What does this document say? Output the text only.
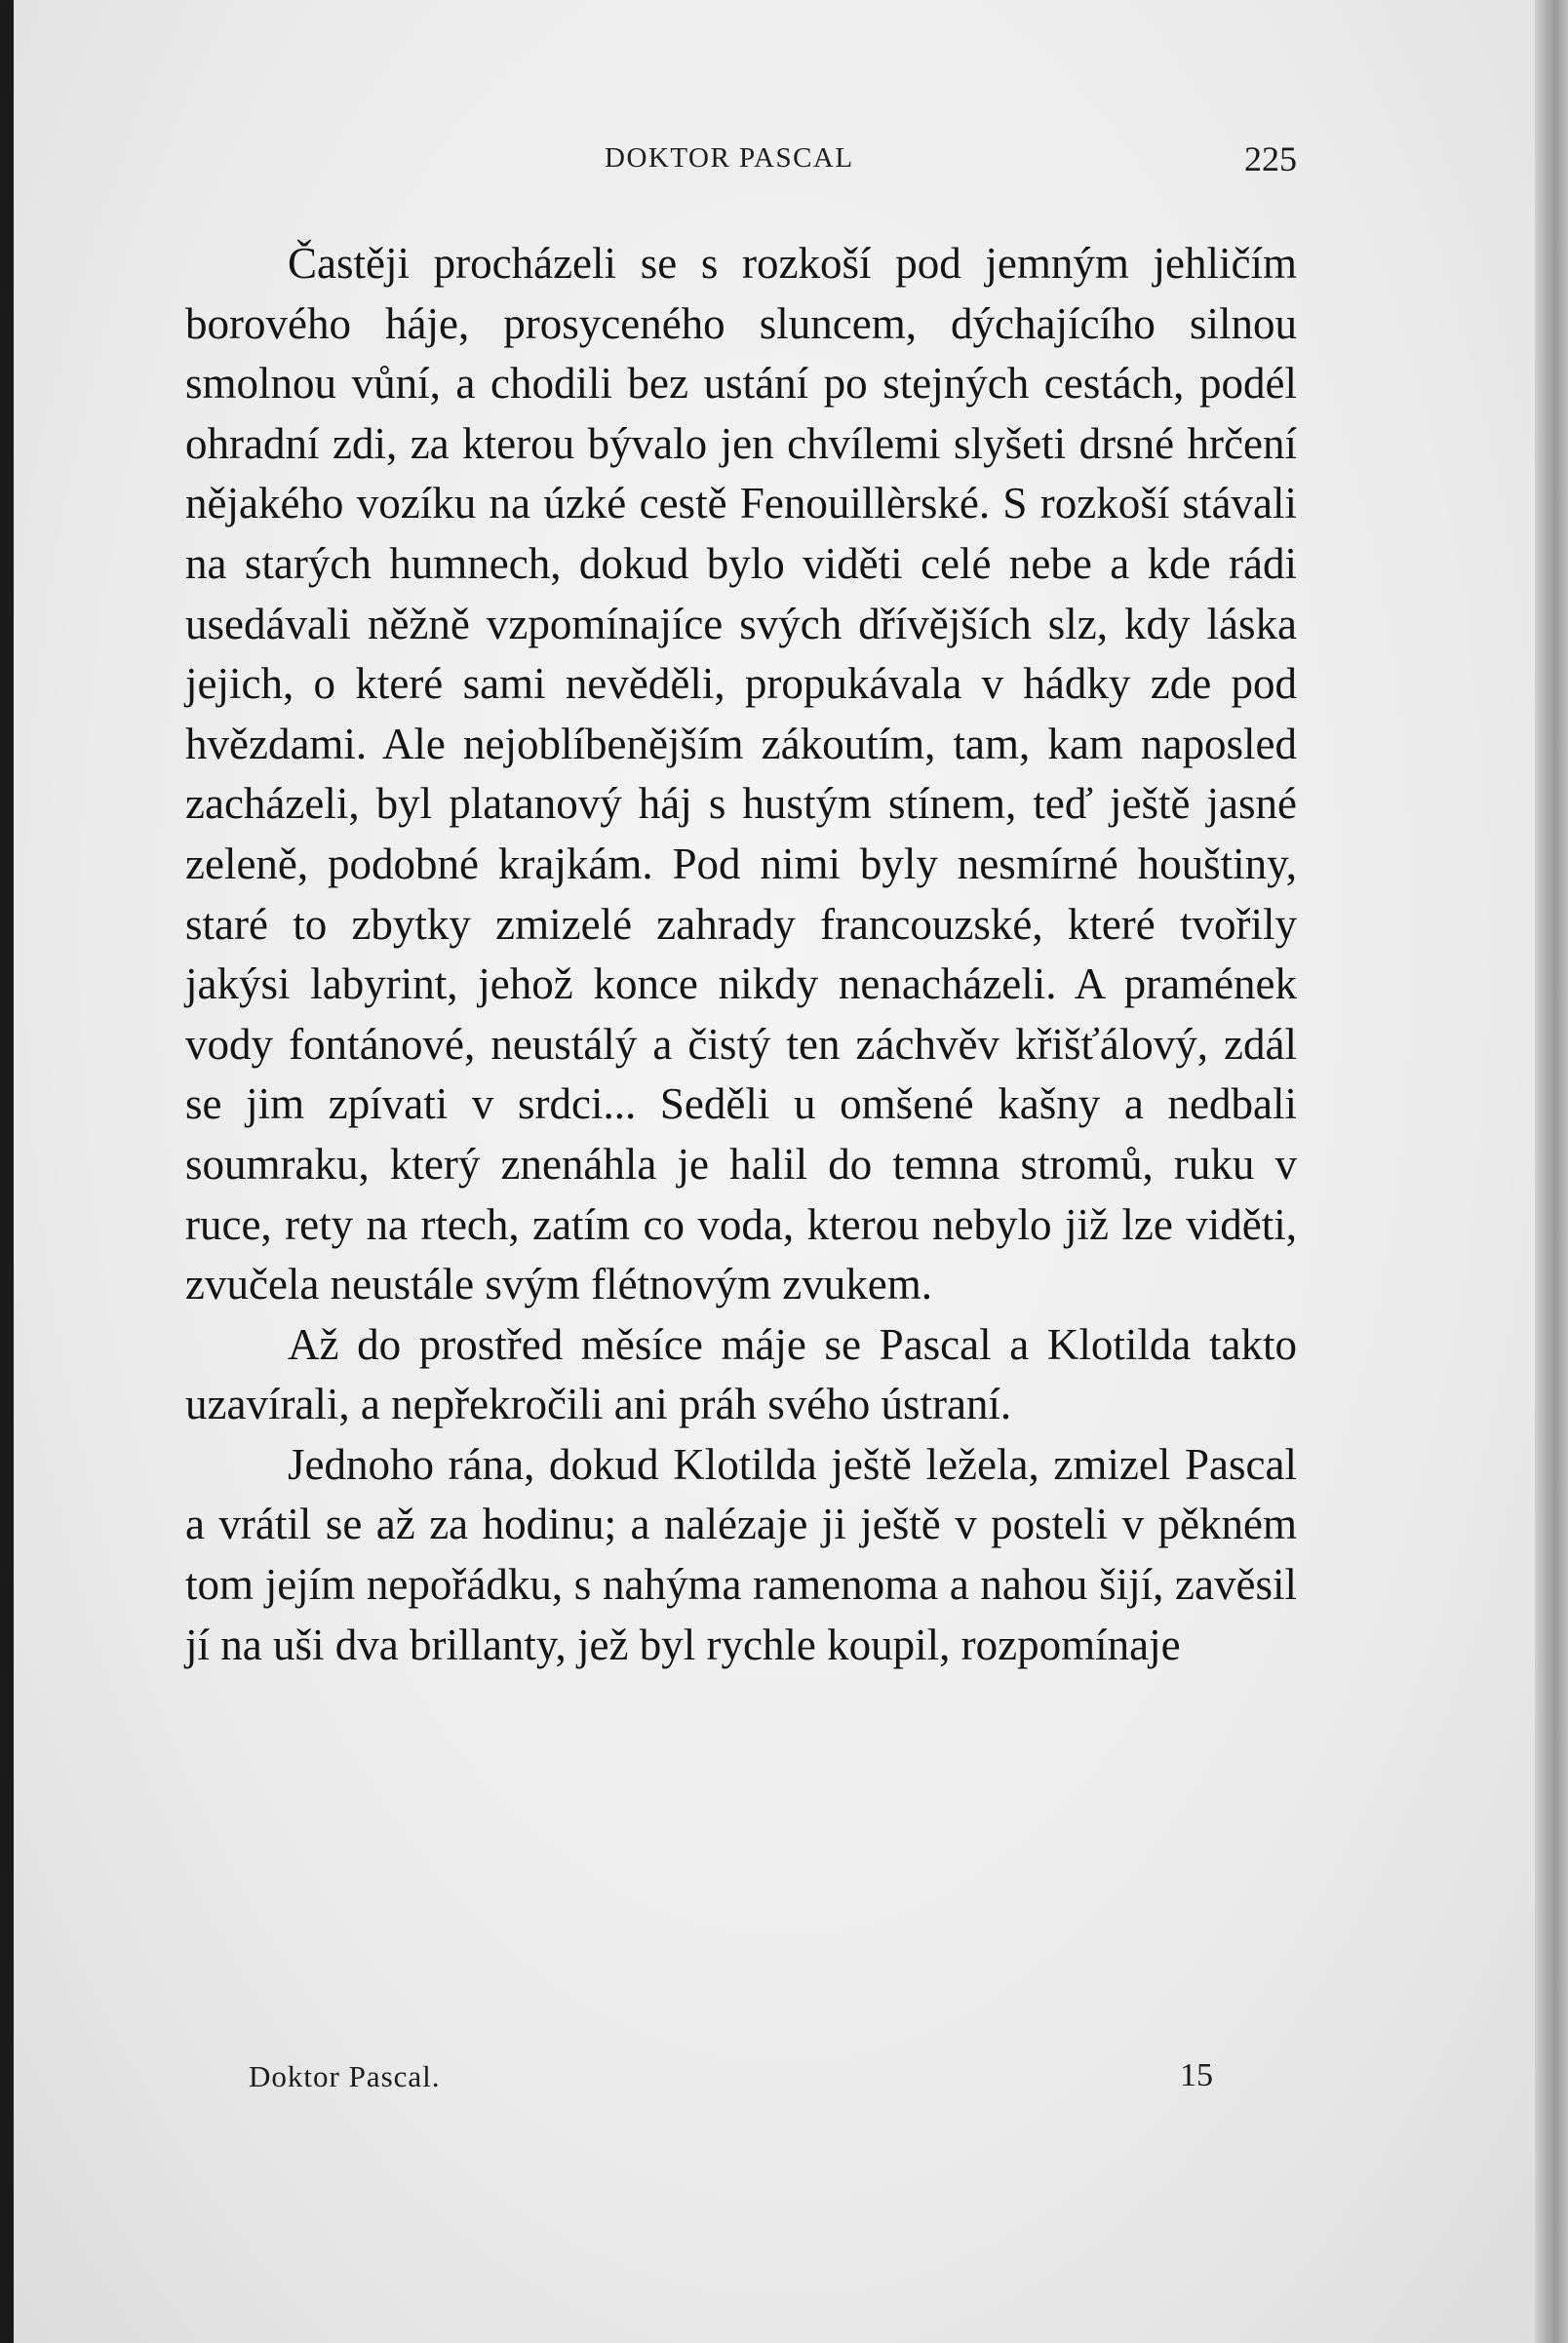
DOKTOR PASCAL	225

Častěji procházeli se s rozkoší pod jemným jehličím borového háje, prosyceného sluncem, dýchajícího silnou smolnou vůní, a chodili bez ustání po stejných cestách, podél ohradní zdi, za kterou bývalo jen chvílemi slyšeti drsné hrčení nějakého vozíku na úzké cestě Fenouillèrské. S rozkoší stávali na starých humnech, dokud bylo viděti celé nebe a kde rádi usedávali něžně vzpomínajíce svých dřívějších slz, kdy láska jejich, o které sami nevěděli, propukávala v hádky zde pod hvězdami. Ale nejoblíbenějším zákoutím, tam, kam naposled zacházeli, byl platanový háj s hustým stínem, teď ještě jasné zeleně, podobné krajkám. Pod nimi byly nesmírné houštiny, staré to zbytky zmizelé zahrady francouzské, které tvořily jakýsi labyrint, jehož konce nikdy nenacházeli. A pramének vody fontánové, neustálý a čistý ten záchvěv křišťálový, zdál se jim zpívati v srdci... Seděli u omšené kašny a nedbali soumraku, který znenáhla je halil do temna stromů, ruku v ruce, rety na rtech, zatím co voda, kterou nebylo již lze viděti, zvučela neustále svým flétnovým zvukem.

Až do prostřed měsíce máje se Pascal a Klotilda takto uzavírali, a nepřekročili ani práh svého ústraní.

Jednoho rána, dokud Klotilda ještě ležela, zmizel Pascal a vrátil se až za hodinu; a nalézaje ji ještě v posteli v pěkném tom jejím nepořádku, s nahýma ramenoma a nahou šijí, zavěsil jí na uši dva brillanty, jež byl rychle koupil, rozpomínaje

Doktor Pascal.	15
